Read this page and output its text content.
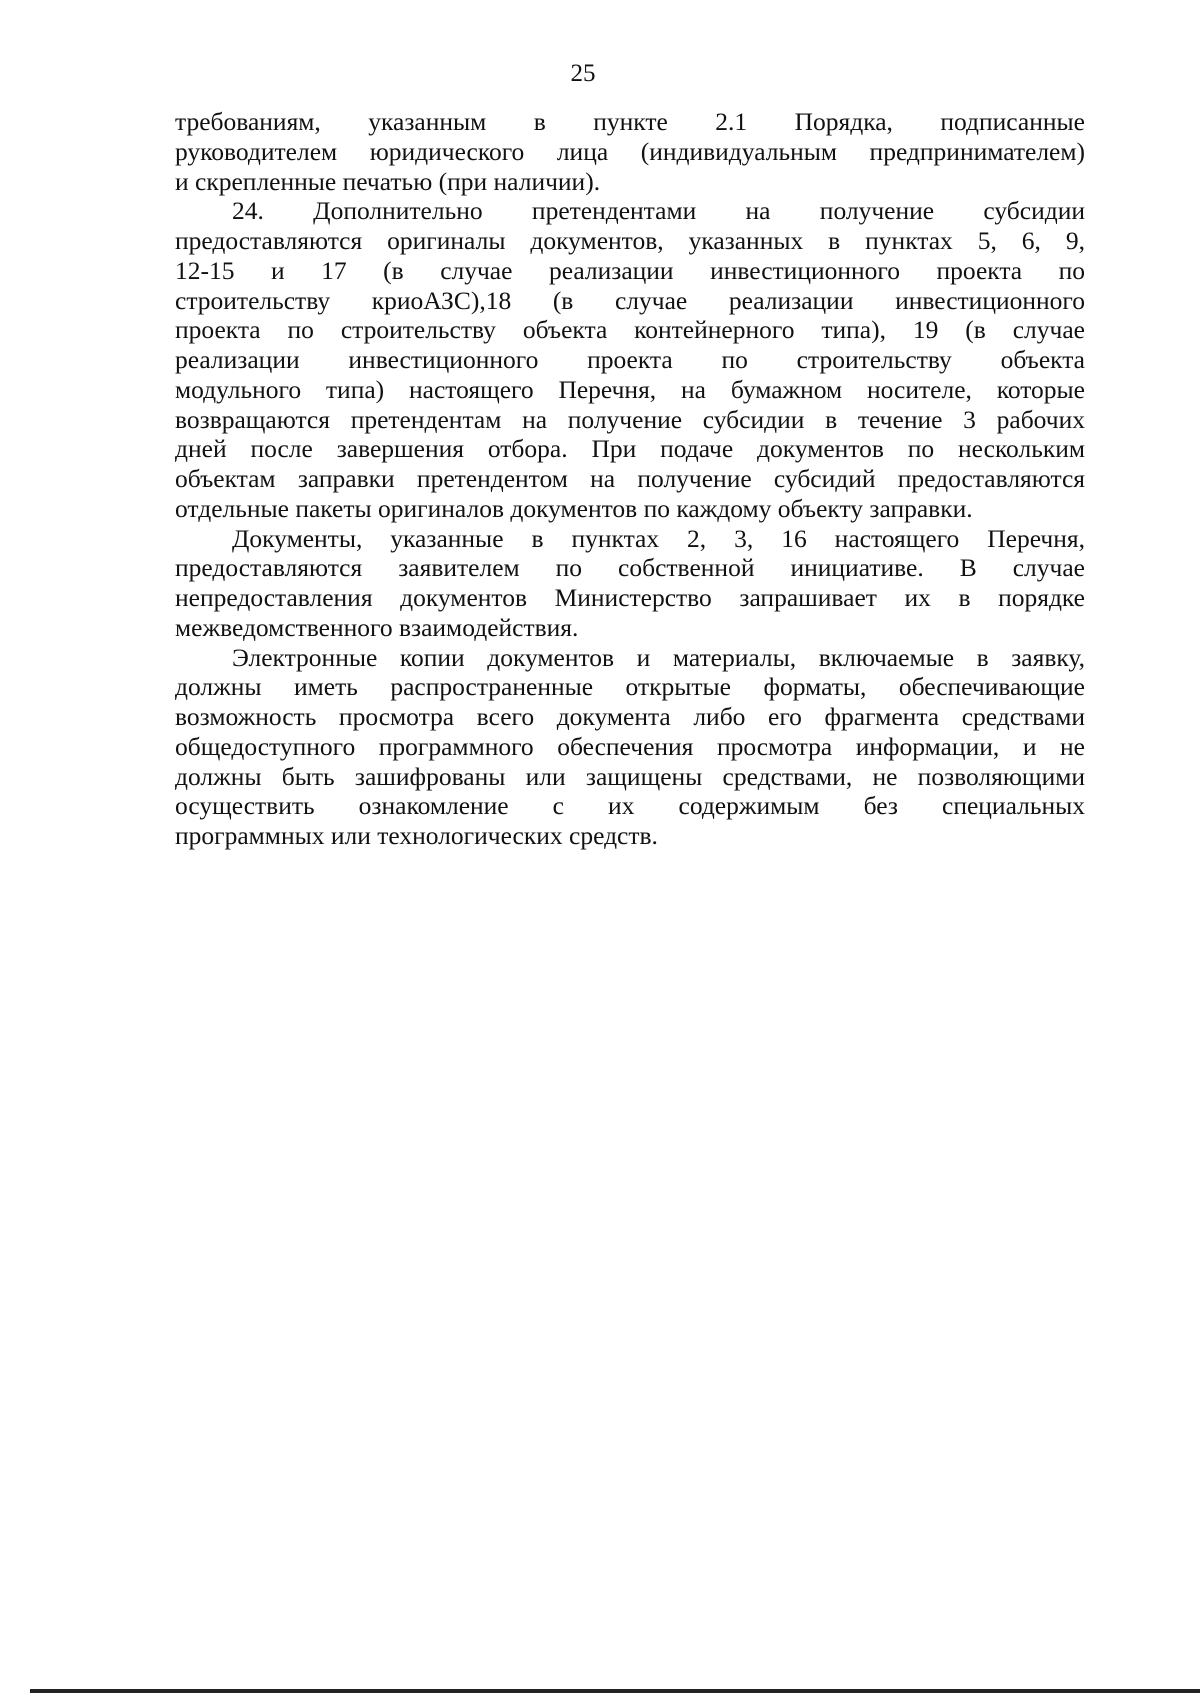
25
требованиям, указанным в пункте 2.1 Порядка, подписанные
руководителем юридического лица (индивидуальным предпринимателем)
и скрепленные печатью (при наличии).
24. Дополнительно претендентами на получение субсидии
предоставляются оригиналы документов, указанных в пунктах 5, 6, 9,
12-15 и 17 (в случае реализации инвестиционного проекта по
строительству криоАЗС),18 (в случае реализации инвестиционного
проекта по строительству объекта контейнерного типа), 19 (в случае
реализации инвестиционного проекта по строительству объекта
модульного типа) настоящего Перечня, на бумажном носителе, которые
возвращаются претендентам на получение субсидии в течение 3 рабочих
дней после завершения отбора. При подаче документов по нескольким
объектам заправки претендентом на получение субсидий предоставляются
отдельные пакеты оригиналов документов по каждому объекту заправки.
Документы, указанные в пунктах 2, 3, 16 настоящего Перечня,
предоставляются заявителем по собственной инициативе. В случае
непредоставления документов Министерство запрашивает их в порядке
межведомственного взаимодействия.
Электронные копии документов и материалы, включаемые в заявку,
должны иметь распространенные открытые форматы, обеспечивающие
возможность просмотра всего документа либо его фрагмента средствами
общедоступного программного обеспечения просмотра информации, и не
должны быть зашифрованы или защищены средствами, не позволяющими
осуществить ознакомление с их содержимым без специальных
программных или технологических средств.
